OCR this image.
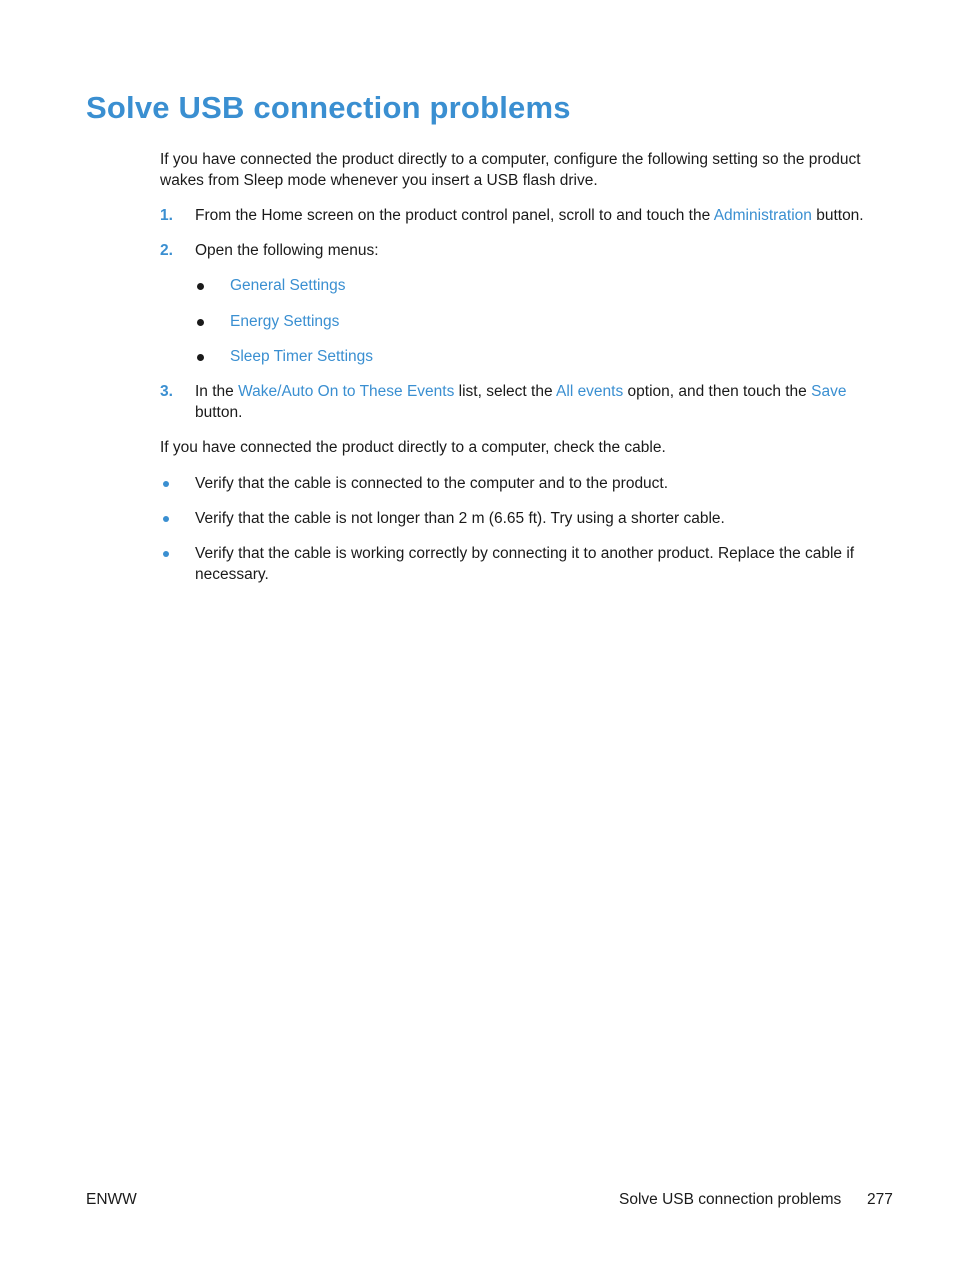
Solve USB connection problems

If you have connected the product directly to a computer, configure the following setting so the product wakes from Sleep mode whenever you insert a USB flash drive.

1. From the Home screen on the product control panel, scroll to and touch the Administration button.

2. Open the following menus:

General Settings
Energy Settings
Sleep Timer Settings
3. In the Wake/Auto On to These Events list, select the All events option, and then touch the Save button.

If you have connected the product directly to a computer, check the cable.

Verify that the cable is connected to the computer and to the product.

Verify that the cable is not longer than 2 m (6.65 ft). Try using a shorter cable.

Verify that the cable is working correctly by connecting it to another product. Replace the cable if necessary.

ENWW	Solve USB connection problems 277
